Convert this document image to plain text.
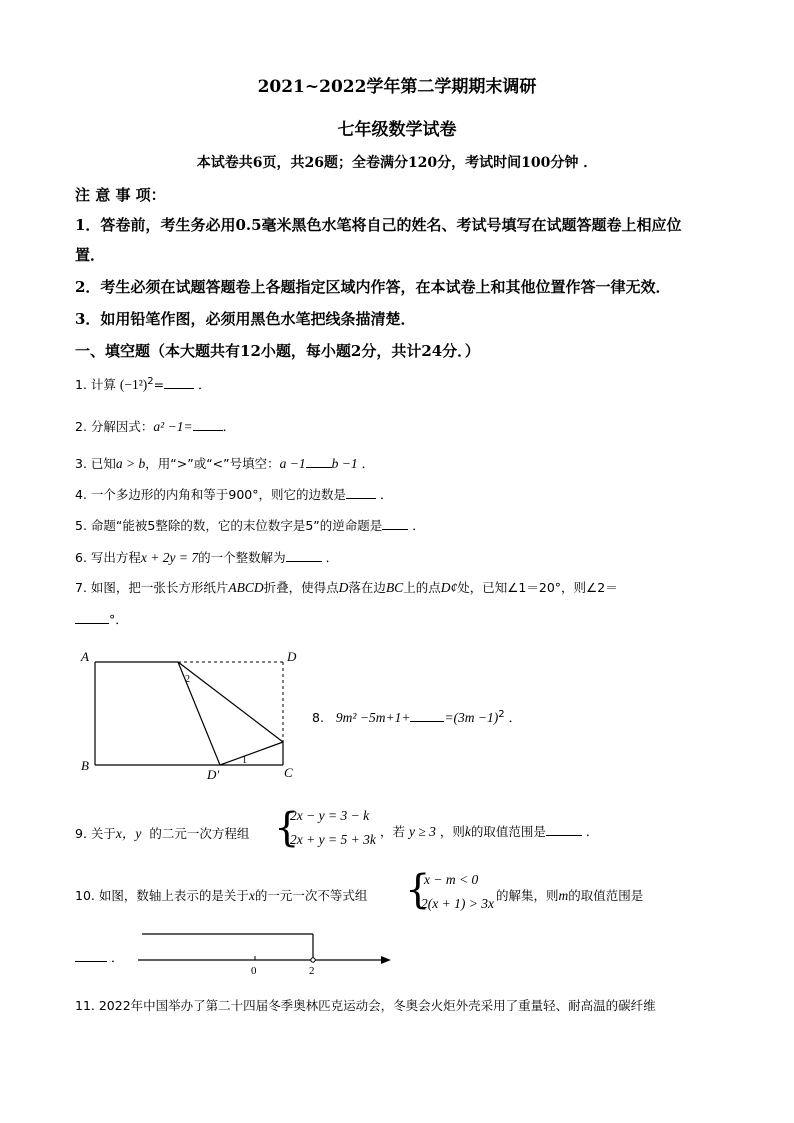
2021~2022学年第二学期期末调研
七年级数学试卷
本试卷共6页，共26题；全卷满分120分，考试时间100分钟 ．
注 意 事 项：
1．答卷前，考生务必用0.5毫米黑色水笔将自己的姓名、考试号填写在试题答题卷上相应位
置．
2．考生必须在试题答题卷上各题指定区域内作答，在本试卷上和其他位置作答一律无效．
3．如用铅笔作图，必须用黑色水笔把线条描清楚．
一、填空题（本大题共有12小题，每小题2分，共计24分．）
1. 计算 $(-1^2)^2=$	．
2. 分解因式：a² −1= ．
3. 已知a > b，用“>”或“<”号填空：a −1 b −1 ．
4. 一个多边形的内角和等于900°，则它的边数是	．
5. 命题“能被5整除的数，它的末位数字是5”的逆命题是 ．
6. 写出方程x + 2y = 7的一个整数解为	．
7. 如图，把一张长方形纸片ABCD折叠，使得点D落在边BC上的点D¢处，已知∠1＝20°，则∠2＝
°．
A	D
B	C
D′
2
1
8. 9m² −5m+1+	$=(3m -1)^2$ ．
9. 关于x，y 的二元一次方程组 {
2x − y = 3 − k
2x + y = 5 + 3k
，若 y ≥ 3 ，则k的取值范围是	．
10. 如图，数轴上表示的是关于x的一元一次不等式组 {
x − m < 0
2(x + 1) > 3x
的解集，则m的取值范围是
．
0	2
11. 2022年中国举办了第二十四届冬季奥林匹克运动会，冬奥会火炬外壳采用了重量轻、耐高温的碳纤维
